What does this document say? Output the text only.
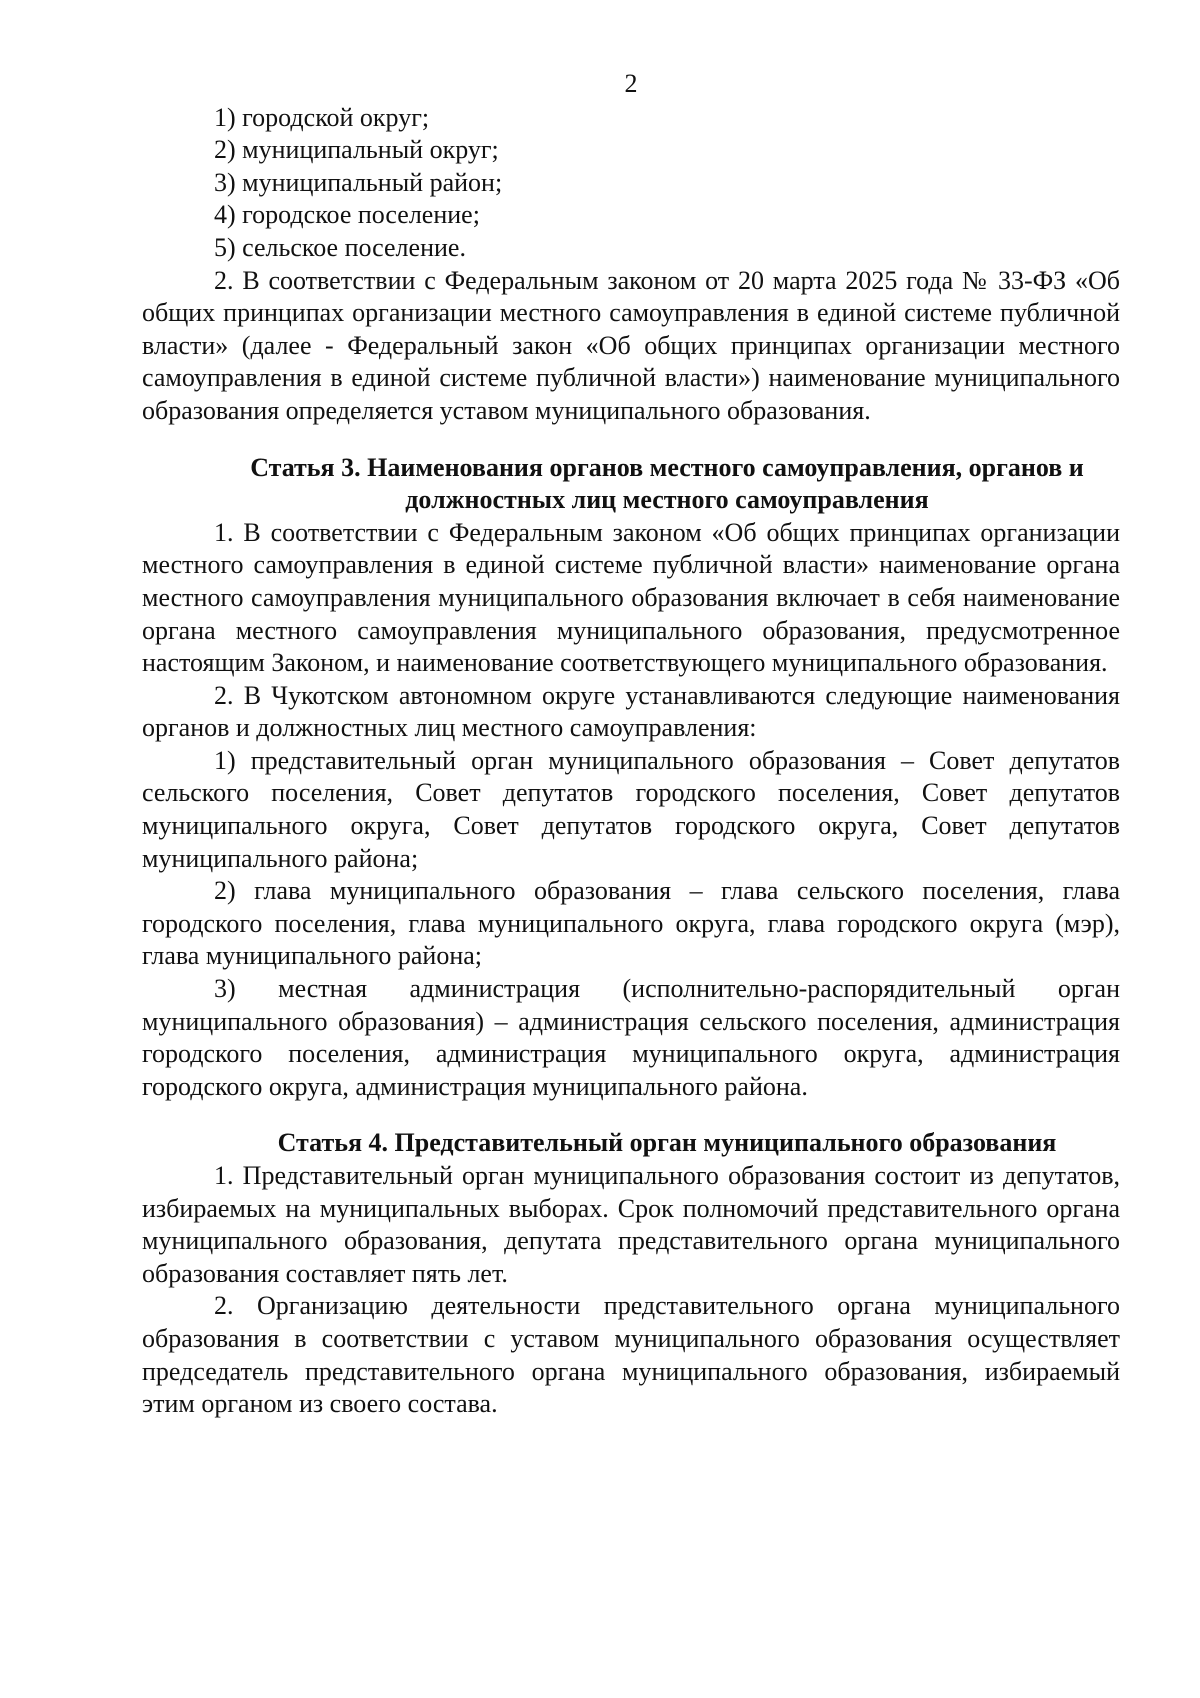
2

1) городской округ;

2) муниципальный округ;

3) муниципальный район;

4) городское поселение;

5) сельское поселение.

2. В соответствии с Федеральным законом от 20 марта 2025 года № 33-ФЗ «Об общих принципах организации местного самоуправления в единой системе публичной власти» (далее - Федеральный закон «Об общих принципах организации местного самоуправления в единой системе публичной власти») наименование муниципального образования определяется уставом муниципального образования.

Статья 3. Наименования органов местного самоуправления, органов и должностных лиц местного самоуправления

1. В соответствии с Федеральным законом «Об общих принципах организации местного самоуправления в единой системе публичной власти» наименование органа местного самоуправления муниципального образования включает в себя наименование органа местного самоуправления муниципального образования, предусмотренное настоящим Законом, и наименование соответствующего муниципального образования.

2. В Чукотском автономном округе устанавливаются следующие наименования органов и должностных лиц местного самоуправления:

1) представительный орган муниципального образования – Совет депутатов сельского поселения, Совет депутатов городского поселения, Совет депутатов муниципального округа, Совет депутатов городского округа, Совет депутатов муниципального района;

2) глава муниципального образования – глава сельского поселения, глава городского поселения, глава муниципального округа, глава городского округа (мэр), глава муниципального района;

3) местная администрация (исполнительно-распорядительный орган муниципального образования) – администрация сельского поселения, администрация городского поселения, администрация муниципального округа, администрация городского округа, администрация муниципального района.

Статья 4. Представительный орган муниципального образования

1. Представительный орган муниципального образования состоит из депутатов, избираемых на муниципальных выборах. Срок полномочий представительного органа муниципального образования, депутата представительного органа муниципального образования составляет пять лет.

2. Организацию деятельности представительного органа муниципального образования в соответствии с уставом муниципального образования осуществляет председатель представительного органа муниципального образования, избираемый этим органом из своего состава.
